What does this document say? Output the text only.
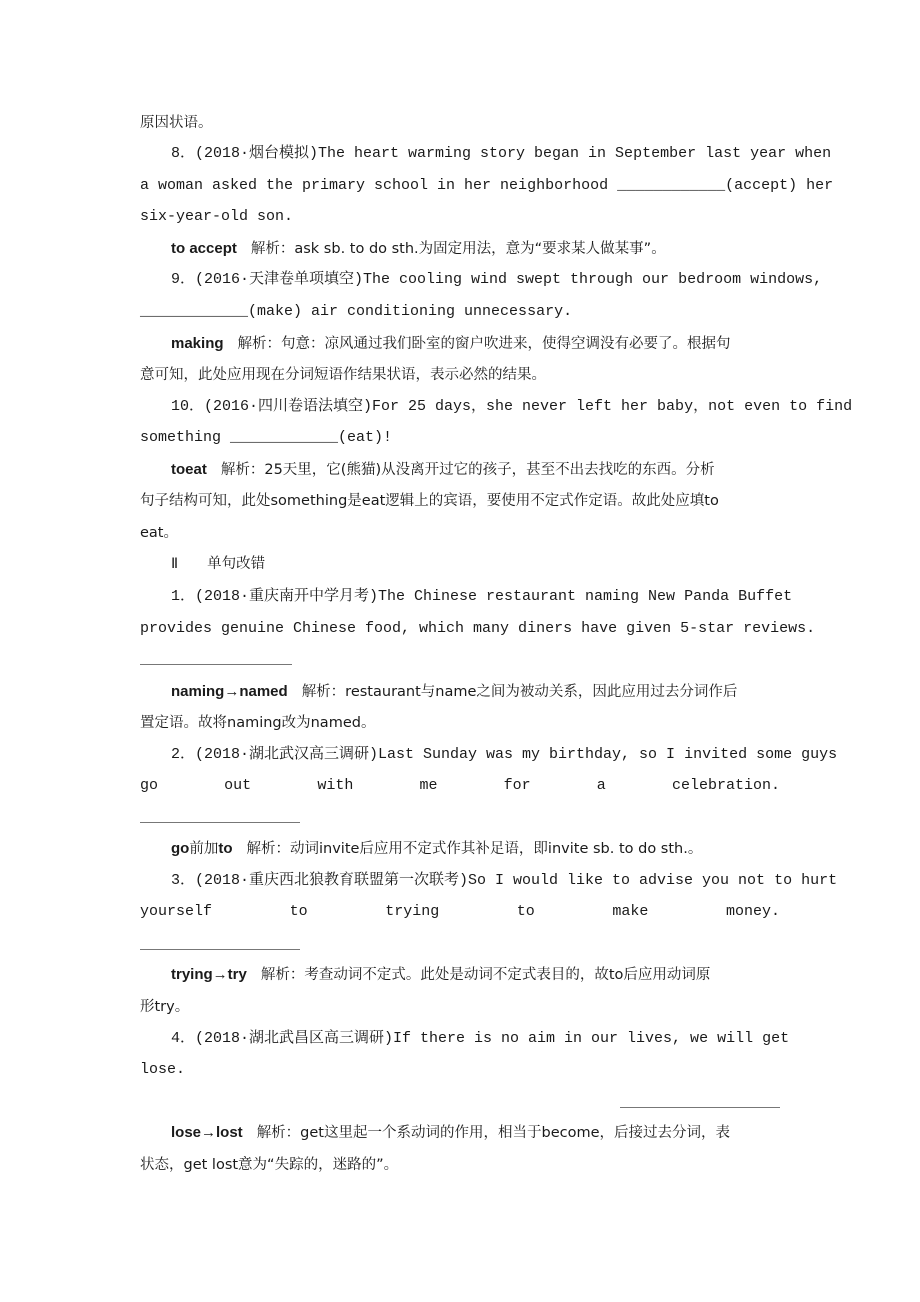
原因状语。
8．(2018·烟台模拟)The heart warming story began in September last year when
a woman asked the primary school in her neighborhood ____________(accept) her
six-year-old son.
to accept 解析：ask sb. to do sth.为固定用法，意为“要求某人做某事”。
9．(2016·天津卷单项填空)The cooling wind swept through our bedroom windows,
____________(make) air conditioning unnecessary.
making 解析：句意：凉风通过我们卧室的窗户吹进来，使得空调没有必要了。根据句
意可知，此处应用现在分词短语作结果状语，表示必然的结果。
10．(2016·四川卷语法填空)For 25 days，she never left her baby，not even to find
something ____________(eat)!
toeat 解析：25天里，它(熊猫)从没离开过它的孩子，甚至不出去找吃的东西。分析
句子结构可知，此处something是eat逻辑上的宾语，要使用不定式作定语。故此处应填to
eat。
Ⅱ　　单句改错
1．(2018·重庆南开中学月考)The Chinese restaurant naming New Panda Buffet
provides genuine Chinese food, which many diners have given 5-star reviews.
naming→named 解析：restaurant与name之间为被动关系，因此应用过去分词作后
置定语。故将naming改为named。
2．(2018·湖北武汉高三调研)Last Sunday was my birthday, so I invited some guys
go	out	with	me	for	a	celebration.
go前加to 解析：动词invite后应用不定式作其补足语，即invite sb. to do sth.。
3．(2018·重庆西北狼教育联盟第一次联考)So I would like to advise you not to hurt
yourself	to	trying	to	make	money.
trying→try 解析：考查动词不定式。此处是动词不定式表目的，故to后应用动词原
形try。
4．(2018·湖北武昌区高三调研)If there is no aim in our lives, we will get
lose.
lose→lost 解析：get这里起一个系动词的作用，相当于become，后接过去分词，表
状态，get lost意为“失踪的，迷路的”。
